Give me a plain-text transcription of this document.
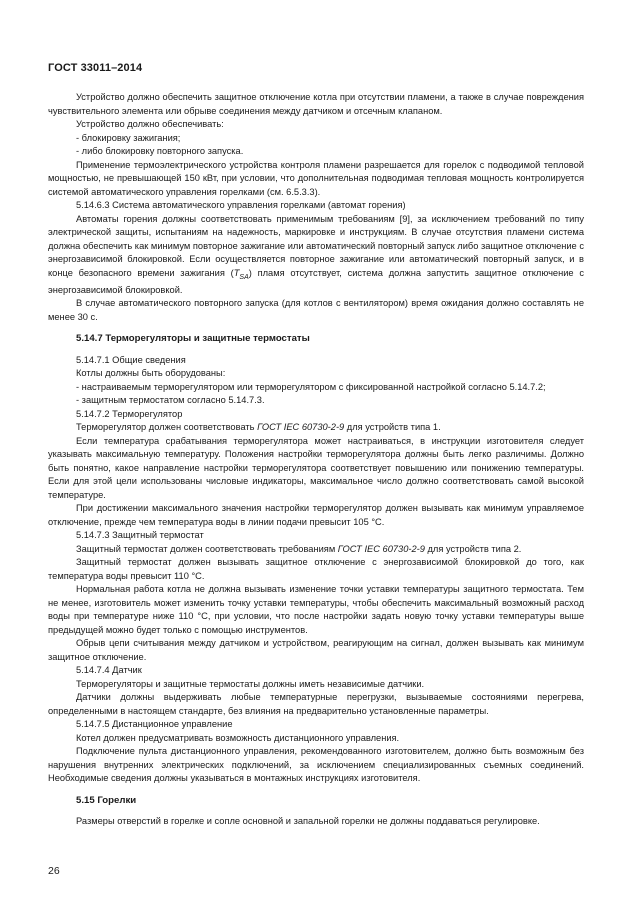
ГОСТ 33011–2014

Устройство должно обеспечить защитное отключение котла при отсутствии пламени, а также в случае повреждения чувствительного элемента или обрыве соединения между датчиком и отсечным клапаном.

Устройство должно обеспечивать:

- блокировку зажигания;

- либо блокировку повторного запуска.

Применение термоэлектрического устройства контроля пламени разрешается для горелок с подводимой тепловой мощностью, не превышающей 150 кВт, при условии, что дополнительная подводимая тепловая мощность контролируется системой автоматического управления горелками (см. 6.5.3.3).

5.14.6.3 Система автоматического управления горелками (автомат горения)

Автоматы горения должны соответствовать применимым требованиям [9], за исключением требований по типу электрической защиты, испытаниям на надежность, маркировке и инструкциям. В случае отсутствия пламени система должна обеспечить как минимум повторное зажигание или автоматический повторный запуск либо защитное отключение с энергозависимой блокировкой. Если осуществляется повторное зажигание или автоматический повторный запуск, и в конце безопасного времени зажигания $(T_{SA})$ пламя отсутствует, система должна запустить защитное отключение с энергозависимой блокировкой.

В случае автоматического повторного запуска (для котлов с вентилятором) время ожидания должно составлять не менее 30 с.

5.14.7 Терморегуляторы и защитные термостаты

5.14.7.1 Общие сведения

Котлы должны быть оборудованы:

- настраиваемым терморегулятором или терморегулятором с фиксированной настройкой согласно 5.14.7.2;

- защитным термостатом согласно 5.14.7.3.

5.14.7.2 Терморегулятор

Терморегулятор должен соответствовать ГОСТ IEC 60730-2-9 для устройств типа 1.

Если температура срабатывания терморегулятора может настраиваться, в инструкции изготовителя следует указывать максимальную температуру. Положения настройки терморегулятора должны быть легко различимы. Должно быть понятно, какое направление настройки терморегулятора соответствует повышению или понижению температуры. Если для этой цели использованы числовые индикаторы, максимальное число должно соответствовать самой высокой температуре.

При достижении максимального значения настройки терморегулятор должен вызывать как минимум управляемое отключение, прежде чем температура воды в линии подачи превысит 105 °С.

5.14.7.3 Защитный термостат

Защитный термостат должен соответствовать требованиям ГОСТ IEC 60730-2-9 для устройств типа 2.

Защитный термостат должен вызывать защитное отключение с энергозависимой блокировкой до того, как температура воды превысит 110 °С.

Нормальная работа котла не должна вызывать изменение точки уставки температуры защитного термостата. Тем не менее, изготовитель может изменить точку уставки температуры, чтобы обеспечить максимальный возможный расход воды при температуре ниже 110 °С, при условии, что после настройки задать новую точку уставки температуры выше предыдущей можно будет только с помощью инструментов.

Обрыв цепи считывания между датчиком и устройством, реагирующим на сигнал, должен вызывать как минимум защитное отключение.

5.14.7.4 Датчик

Терморегуляторы и защитные термостаты должны иметь независимые датчики.

Датчики должны выдерживать любые температурные перегрузки, вызываемые состояниями перегрева, определенными в настоящем стандарте, без влияния на предварительно установленные параметры.

5.14.7.5 Дистанционное управление

Котел должен предусматривать возможность дистанционного управления.

Подключение пульта дистанционного управления, рекомендованного изготовителем, должно быть возможным без нарушения внутренних электрических подключений, за исключением специализированных съемных соединений. Необходимые сведения должны указываться в монтажных инструкциях изготовителя.

5.15 Горелки

Размеры отверстий в горелке и сопле основной и запальной горелки не должны поддаваться регулировке.

26
